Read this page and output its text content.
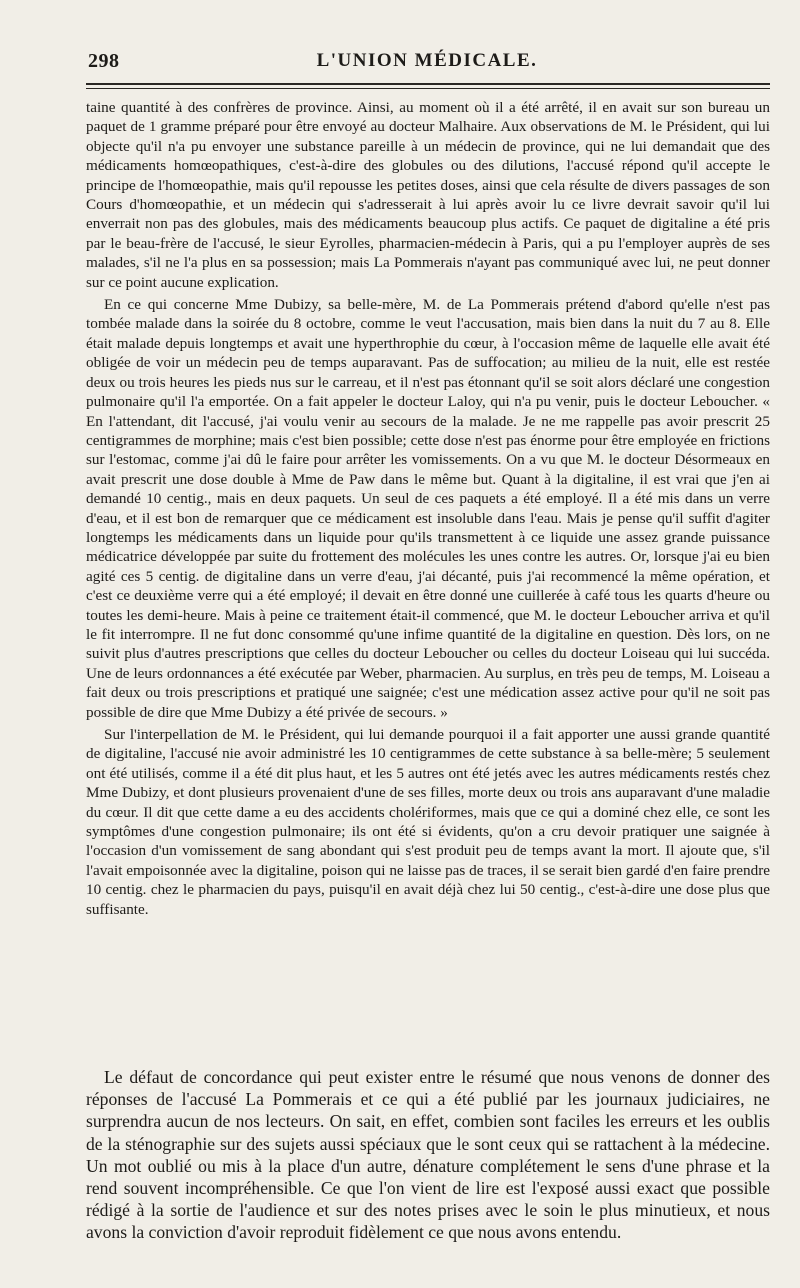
298	L'UNION MÉDICALE.

taine quantité à des confrères de province. Ainsi, au moment où il a été arrêté, il en avait sur son bureau un paquet de 1 gramme préparé pour être envoyé au docteur Malhaire. Aux observations de M. le Président, qui lui objecte qu'il n'a pu envoyer une substance pareille à un médecin de province, qui ne lui demandait que des médicaments homœopathiques, c'est-à-dire des globules ou des dilutions, l'accusé répond qu'il accepte le principe de l'homœopathie, mais qu'il repousse les petites doses, ainsi que cela résulte de divers passages de son Cours d'homœopathie, et un médecin qui s'adresserait à lui après avoir lu ce livre devrait savoir qu'il lui enverrait non pas des globules, mais des médicaments beaucoup plus actifs. Ce paquet de digitaline a été pris par le beau-frère de l'accusé, le sieur Eyrolles, pharmacien-médecin à Paris, qui a pu l'employer auprès de ses malades, s'il ne l'a plus en sa possession; mais La Pommerais n'ayant pas communiqué avec lui, ne peut donner sur ce point aucune explication.

En ce qui concerne Mme Dubizy, sa belle-mère, M. de La Pommerais prétend d'abord qu'elle n'est pas tombée malade dans la soirée du 8 octobre, comme le veut l'accusation, mais bien dans la nuit du 7 au 8. Elle était malade depuis longtemps et avait une hyperthrophie du cœur, à l'occasion même de laquelle elle avait été obligée de voir un médecin peu de temps auparavant. Pas de suffocation; au milieu de la nuit, elle est restée deux ou trois heures les pieds nus sur le carreau, et il n'est pas étonnant qu'il se soit alors déclaré une congestion pulmonaire qu'il l'a emportée. On a fait appeler le docteur Laloy, qui n'a pu venir, puis le docteur Leboucher. « En l'attendant, dit l'accusé, j'ai voulu venir au secours de la malade. Je ne me rappelle pas avoir prescrit 25 centigrammes de morphine; mais c'est bien possible; cette dose n'est pas énorme pour être employée en frictions sur l'estomac, comme j'ai dû le faire pour arrêter les vomissements. On a vu que M. le docteur Désormeaux en avait prescrit une dose double à Mme de Paw dans le même but. Quant à la digitaline, il est vrai que j'en ai demandé 10 centig., mais en deux paquets. Un seul de ces paquets a été employé. Il a été mis dans un verre d'eau, et il est bon de remarquer que ce médicament est insoluble dans l'eau. Mais je pense qu'il suffit d'agiter longtemps les médicaments dans un liquide pour qu'ils transmettent à ce liquide une assez grande puissance médicatrice développée par suite du frottement des molécules les unes contre les autres. Or, lorsque j'ai eu bien agité ces 5 centig. de digitaline dans un verre d'eau, j'ai décanté, puis j'ai recommencé la même opération, et c'est ce deuxième verre qui a été employé; il devait en être donné une cuillerée à café tous les quarts d'heure ou toutes les demi-heure. Mais à peine ce traitement était-il commencé, que M. le docteur Leboucher arriva et qu'il le fit interrompre. Il ne fut donc consommé qu'une infime quantité de la digitaline en question. Dès lors, on ne suivit plus d'autres prescriptions que celles du docteur Leboucher ou celles du docteur Loiseau qui lui succéda. Une de leurs ordonnances a été exécutée par Weber, pharmacien. Au surplus, en très peu de temps, M. Loiseau a fait deux ou trois prescriptions et pratiqué une saignée; c'est une médication assez active pour qu'il ne soit pas possible de dire que Mme Dubizy a été privée de secours. »

Sur l'interpellation de M. le Président, qui lui demande pourquoi il a fait apporter une aussi grande quantité de digitaline, l'accusé nie avoir administré les 10 centigrammes de cette substance à sa belle-mère; 5 seulement ont été utilisés, comme il a été dit plus haut, et les 5 autres ont été jetés avec les autres médicaments restés chez Mme Dubizy, et dont plusieurs provenaient d'une de ses filles, morte deux ou trois ans auparavant d'une maladie du cœur. Il dit que cette dame a eu des accidents cholériformes, mais que ce qui a dominé chez elle, ce sont les symptômes d'une congestion pulmonaire; ils ont été si évidents, qu'on a cru devoir pratiquer une saignée à l'occasion d'un vomissement de sang abondant qui s'est produit peu de temps avant la mort. Il ajoute que, s'il l'avait empoisonnée avec la digitaline, poison qui ne laisse pas de traces, il se serait bien gardé d'en faire prendre 10 centig. chez le pharmacien du pays, puisqu'il en avait déjà chez lui 50 centig., c'est-à-dire une dose plus que suffisante.

Le défaut de concordance qui peut exister entre le résumé que nous venons de donner des réponses de l'accusé La Pommerais et ce qui a été publié par les journaux judiciaires, ne surprendra aucun de nos lecteurs. On sait, en effet, combien sont faciles les erreurs et les oublis de la sténographie sur des sujets aussi spéciaux que le sont ceux qui se rattachent à la médecine. Un mot oublié ou mis à la place d'un autre, dénature complétement le sens d'une phrase et la rend souvent incompréhensible. Ce que l'on vient de lire est l'exposé aussi exact que possible rédigé à la sortie de l'audience et sur des notes prises avec le soin le plus minutieux, et nous avons la conviction d'avoir reproduit fidèlement ce que nous avons entendu.
